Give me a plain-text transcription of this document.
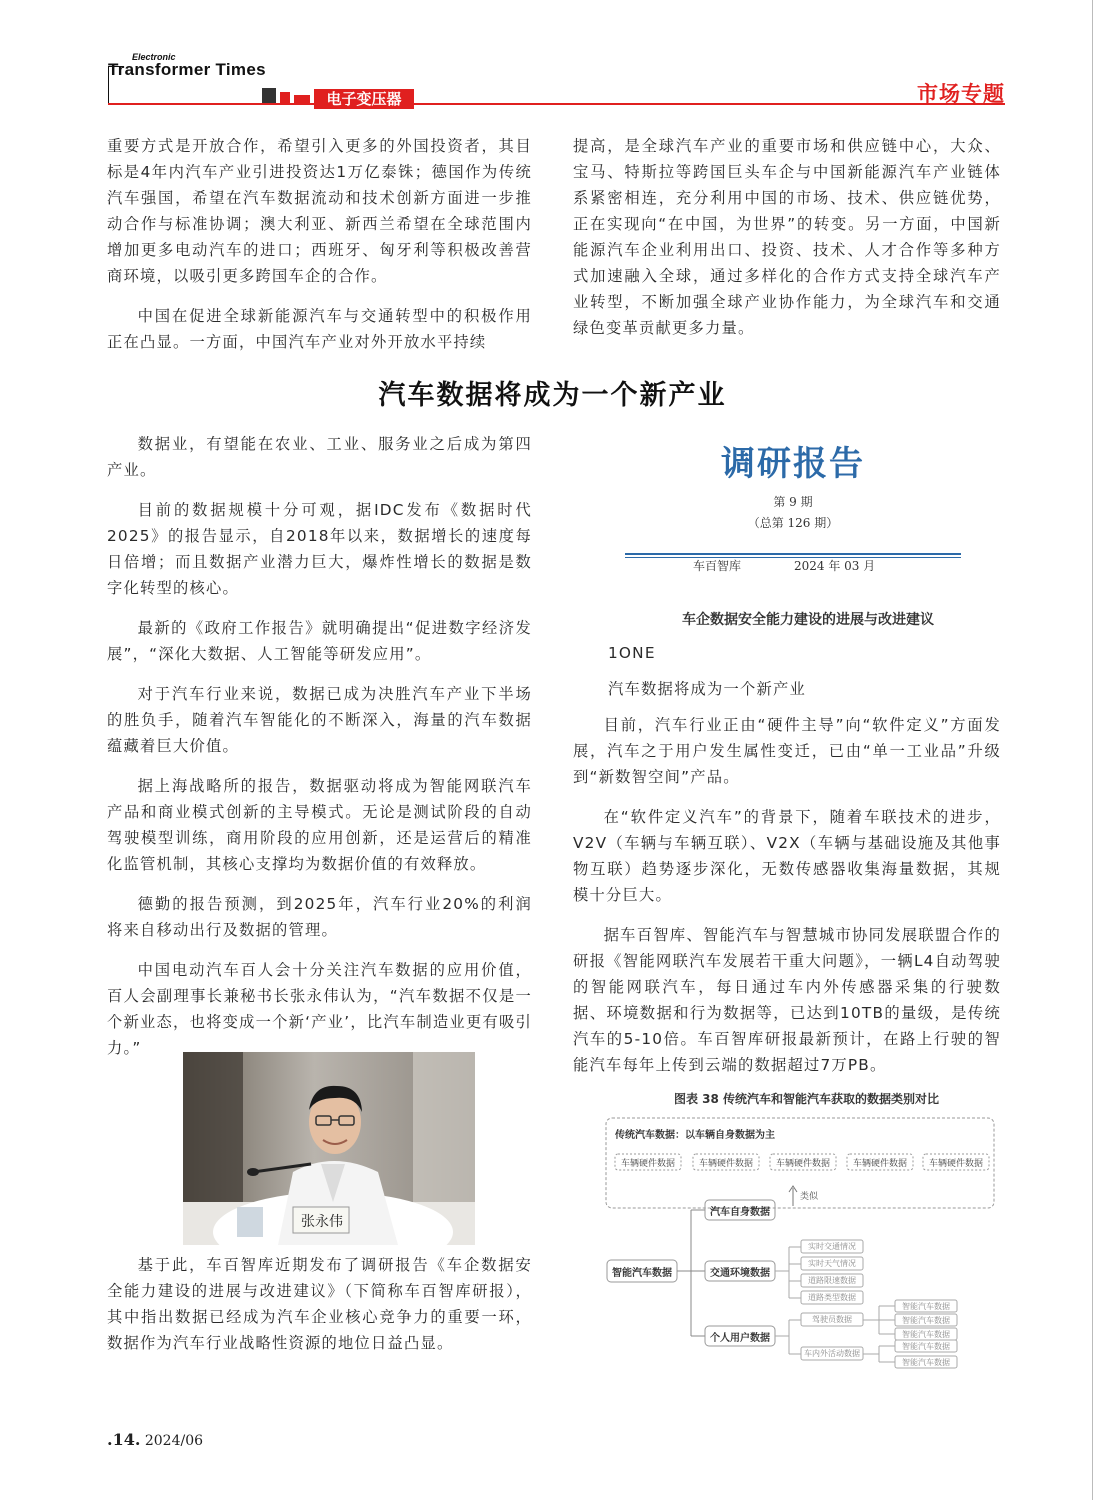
Electronic
Transformer Times
电子变压器	市场专题

重要方式是开放合作，希望引入更多的外国投资者，其目标是4年内汽车产业引进投资达1万亿泰铢；德国作为传统汽车强国，希望在汽车数据流动和技术创新方面进一步推动合作与标准协调；澳大利亚、新西兰希望在全球范围内增加更多电动汽车的进口；西班牙、匈牙利等积极改善营商环境，以吸引更多跨国车企的合作。

中国在促进全球新能源汽车与交通转型中的积极作用正在凸显。一方面，中国汽车产业对外开放水平持续

提高，是全球汽车产业的重要市场和供应链中心，大众、宝马、特斯拉等跨国巨头车企与中国新能源汽车产业链体系紧密相连，充分利用中国的市场、技术、供应链优势，正在实现向“在中国，为世界”的转变。另一方面，中国新能源汽车企业利用出口、投资、技术、人才合作等多种方式加速融入全球，通过多样化的合作方式支持全球汽车产业转型，不断加强全球产业协作能力，为全球汽车和交通绿色变革贡献更多力量。

汽车数据将成为一个新产业

数据业，有望能在农业、工业、服务业之后成为第四产业。

目前的数据规模十分可观，据IDC发布《数据时代2025》的报告显示，自2018年以来，数据增长的速度每日倍增；而且数据产业潜力巨大，爆炸性增长的数据是数字化转型的核心。

最新的《政府工作报告》就明确提出“促进数字经济发展”，“深化大数据、人工智能等研发应用”。

对于汽车行业来说，数据已成为决胜汽车产业下半场的胜负手，随着汽车智能化的不断深入，海量的汽车数据蕴藏着巨大价值。

据上海战略所的报告，数据驱动将成为智能网联汽车产品和商业模式创新的主导模式。无论是测试阶段的自动驾驶模型训练，商用阶段的应用创新，还是运营后的精准化监管机制，其核心支撑均为数据价值的有效释放。

德勤的报告预测，到2025年，汽车行业20%的利润将来自移动出行及数据的管理。

中国电动汽车百人会十分关注汽车数据的应用价值，百人会副理事长兼秘书长张永伟认为，“汽车数据不仅是一个新业态，也将变成一个新‘产业’，比汽车制造业更有吸引力。”

张永伟

基于此，车百智库近期发布了调研报告《车企数据安全能力建设的进展与改进建议》（下简称车百智库研报），其中指出数据已经成为汽车企业核心竞争力的重要一环，数据作为汽车行业战略性资源的地位日益凸显。

调研报告
第 9 期
（总第 126 期）
车百智库	2024 年 03 月
车企数据安全能力建设的进展与改进建议

1ONE

汽车数据将成为一个新产业

目前，汽车行业正由“硬件主导”向“软件定义”方面发展，汽车之于用户发生属性变迁，已由“单一工业品”升级到“新数智空间”产品。

在“软件定义汽车”的背景下，随着车联技术的进步，V2V（车辆与车辆互联）、V2X（车辆与基础设施及其他事物互联）趋势逐步深化，无数传感器收集海量数据，其规模十分巨大。

据车百智库、智能汽车与智慧城市协同发展联盟合作的研报《智能网联汽车发展若干重大问题》，一辆L4自动驾驶的智能网联汽车，每日通过车内外传感器采集的行驶数据、环境数据和行为数据等，已达到10TB的量级，是传统汽车的5-10倍。车百智库研报最新预计，在路上行驶的智能汽车每年上传到云端的数据超过7万PB。

图表 38 传统汽车和智能汽车获取的数据类别对比
传统汽车数据：以车辆自身数据为主
车辆硬件数据	车辆硬件数据	车辆硬件数据	车辆硬件数据	车辆硬件数据
类似
智能汽车数据
汽车自身数据
交通环境数据
个人用户数据
实时交通情况
实时天气情况
道路限速数据
道路类型数据
驾驶员数据
车内外活动数据
智能汽车数据
智能汽车数据
智能汽车数据
智能汽车数据
智能汽车数据
.14. 2024/06
